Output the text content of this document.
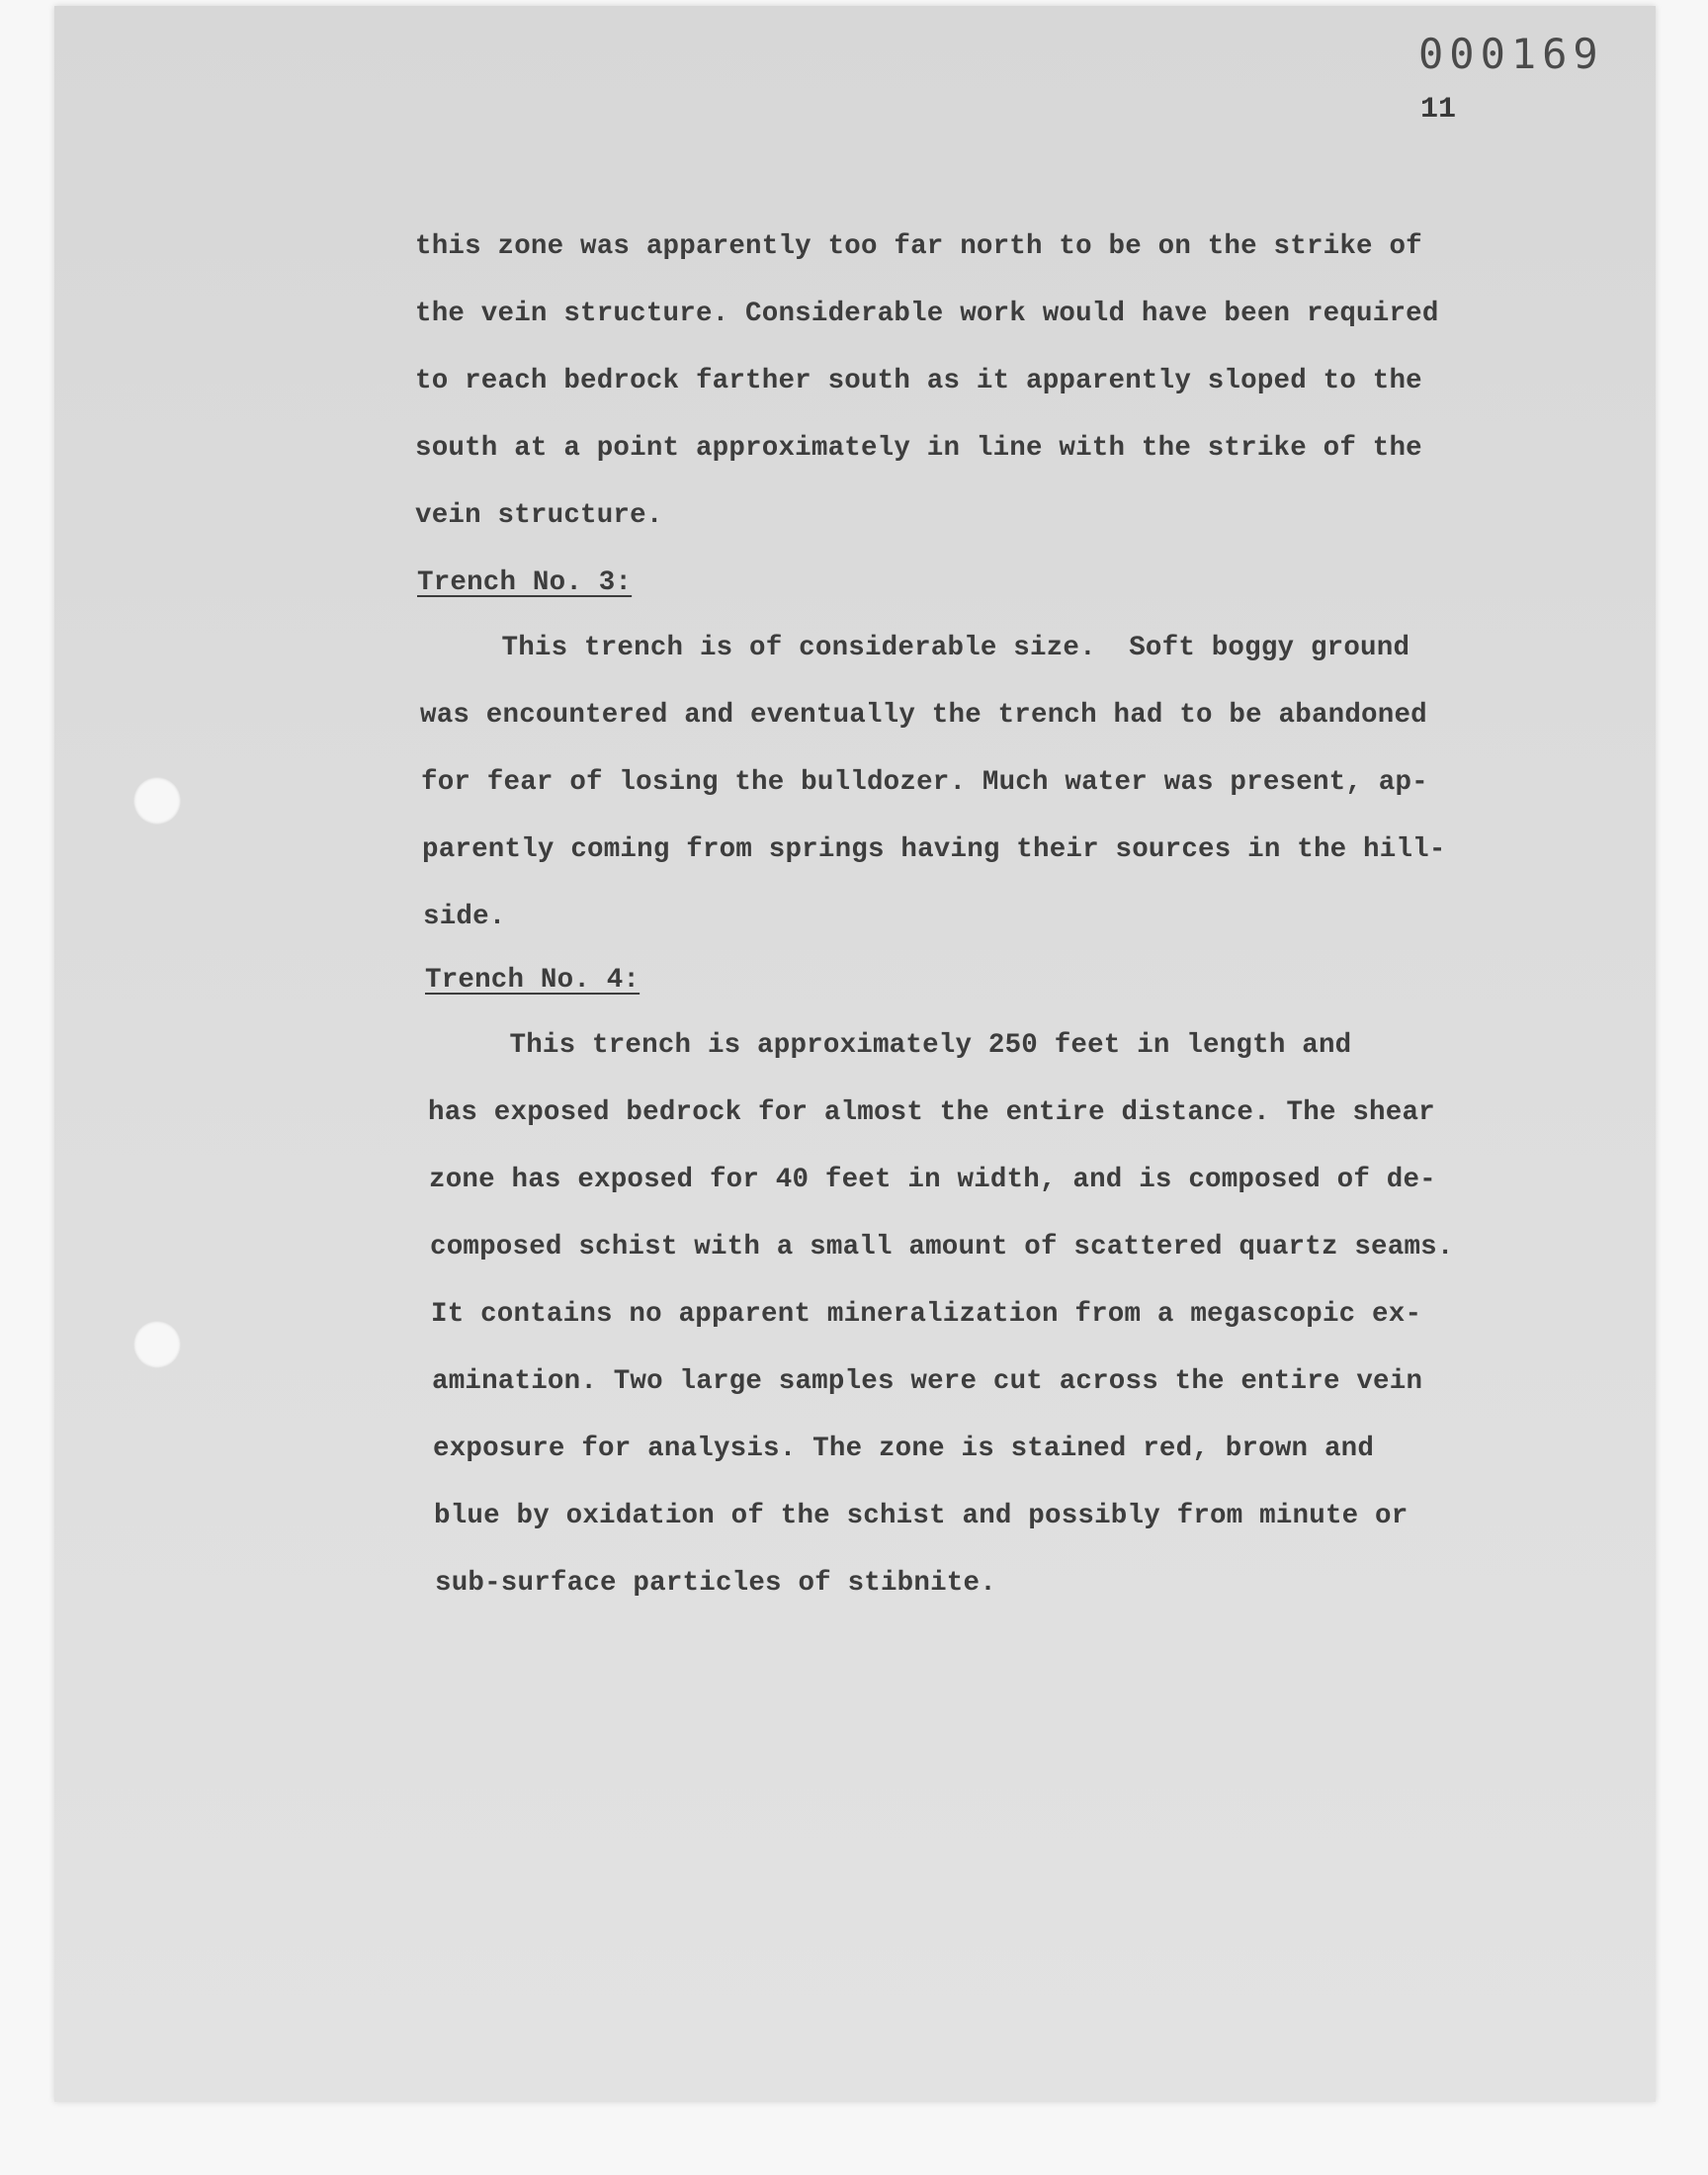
000169
11
this zone was apparently too far north to be on the strike of
the vein structure. Considerable work would have been required
to reach bedrock farther south as it apparently sloped to the
south at a point approximately in line with the strike of the
vein structure.
Trench No. 3:
This trench is of considerable size.  Soft boggy ground
was encountered and eventually the trench had to be abandoned
for fear of losing the bulldozer. Much water was present, ap-
parently coming from springs having their sources in the hill-
side.
Trench No. 4:
This trench is approximately 250 feet in length and
has exposed bedrock for almost the entire distance. The shear
zone has exposed for 40 feet in width, and is composed of de-
composed schist with a small amount of scattered quartz seams.
It contains no apparent mineralization from a megascopic ex-
amination. Two large samples were cut across the entire vein
exposure for analysis. The zone is stained red, brown and
blue by oxidation of the schist and possibly from minute or
sub-surface particles of stibnite.
